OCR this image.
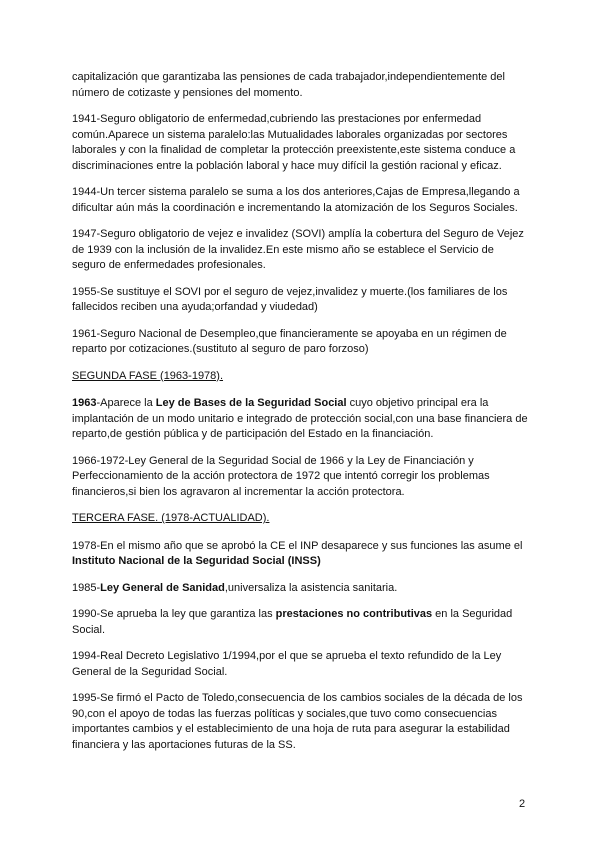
capitalización que garantizaba las pensiones de cada trabajador,independientemente del número de cotizaste y pensiones del momento.

1941-Seguro obligatorio de enfermedad,cubriendo las prestaciones por enfermedad común.Aparece un sistema paralelo:las Mutualidades laborales organizadas por sectores laborales y con la finalidad de completar la protección preexistente,este sistema conduce a discriminaciones entre la población laboral y hace muy difícil la gestión racional y eficaz.

1944-Un tercer sistema paralelo se suma a los dos anteriores,Cajas de Empresa,llegando a dificultar aún más la coordinación e incrementando la atomización de los Seguros Sociales.

1947-Seguro obligatorio de vejez e invalidez (SOVI) amplía la cobertura del Seguro de Vejez de 1939 con la inclusión de la invalidez.En este mismo año se establece el Servicio de seguro de enfermedades profesionales.

1955-Se sustituye el SOVI por el seguro de vejez,invalidez y muerte.(los familiares de los fallecidos reciben una ayuda;orfandad y viudedad)

1961-Seguro Nacional de Desempleo,que financieramente se apoyaba en un régimen de reparto por cotizaciones.(sustituto al seguro de paro forzoso)

SEGUNDA FASE (1963-1978).

1963-Aparece la Ley de Bases de la Seguridad Social cuyo objetivo principal era la implantación de un modo unitario e integrado de protección social,con una base financiera de reparto,de gestión pública y de participación del Estado en la financiación.

1966-1972-Ley General de la Seguridad Social de 1966 y la Ley de Financiación y Perfeccionamiento de la acción protectora de 1972 que intentó corregir los problemas financieros,si bien los agravaron al incrementar la acción protectora.

TERCERA FASE. (1978-ACTUALIDAD).

1978-En el mismo año que se aprobó la CE el INP desaparece y sus funciones las asume el Instituto Nacional de la Seguridad Social (INSS)

1985-Ley General de Sanidad,universaliza la asistencia sanitaria.

1990-Se aprueba la ley que garantiza las prestaciones no contributivas en la Seguridad Social.

1994-Real Decreto Legislativo 1/1994,por el que se aprueba el texto refundido de la Ley General de la Seguridad Social.

1995-Se firmó el Pacto de Toledo,consecuencia de los cambios sociales de la década de los 90,con el apoyo de todas las fuerzas políticas y sociales,que tuvo como consecuencias importantes cambios y el establecimiento de una hoja de ruta para asegurar la estabilidad financiera y las aportaciones futuras de la SS.

2
